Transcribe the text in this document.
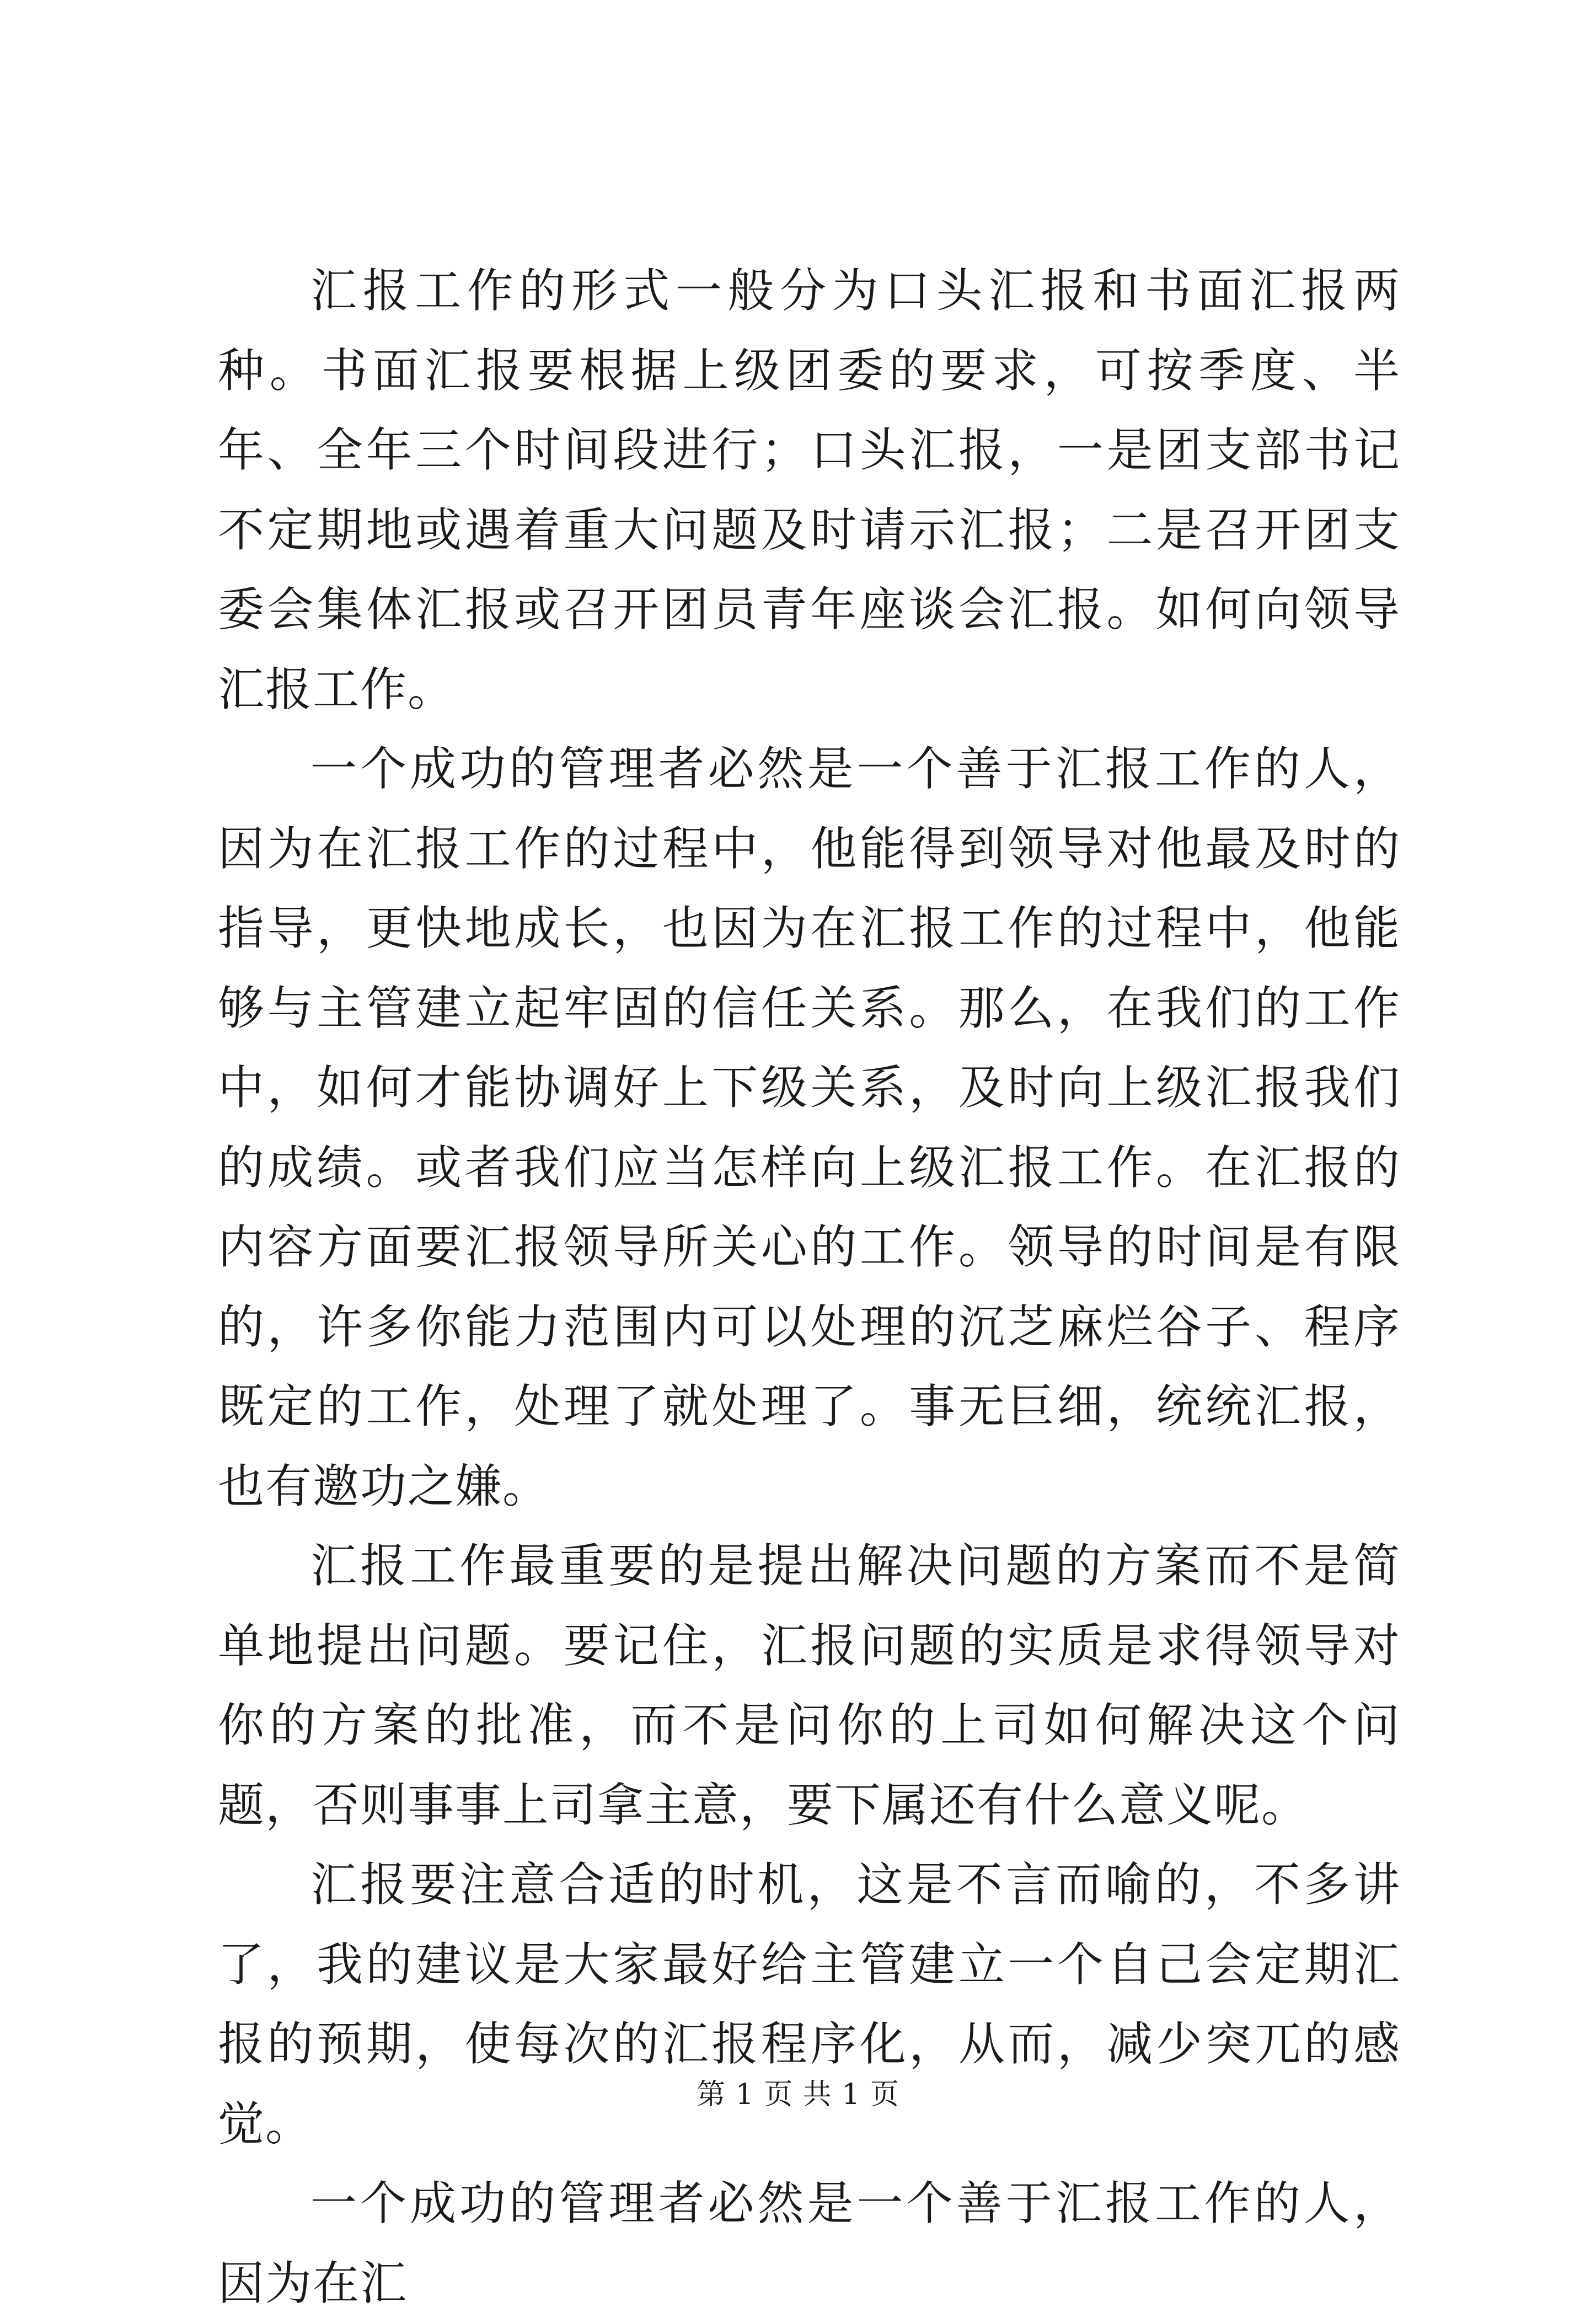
汇报工作的形式一般分为口头汇报和书面汇报两种。书面汇报要根据上级团委的要求，可按季度、半年、全年三个时间段进行；口头汇报，一是团支部书记不定期地或遇着重大问题及时请示汇报；二是召开团支委会集体汇报或召开团员青年座谈会汇报。如何向领导汇报工作。

一个成功的管理者必然是一个善于汇报工作的人，因为在汇报工作的过程中，他能得到领导对他最及时的指导，更快地成长，也因为在汇报工作的过程中，他能够与主管建立起牢固的信任关系。那么，在我们的工作中，如何才能协调好上下级关系，及时向上级汇报我们的成绩。或者我们应当怎样向上级汇报工作。在汇报的内容方面要汇报领导所关心的工作。领导的时间是有限的，许多你能力范围内可以处理的沉芝麻烂谷子、程序既定的工作，处理了就处理了。事无巨细，统统汇报，也有邀功之嫌。

汇报工作最重要的是提出解决问题的方案而不是简单地提出问题。要记住，汇报问题的实质是求得领导对你的方案的批准，而不是问你的上司如何解决这个问题，否则事事上司拿主意，要下属还有什么意义呢。

汇报要注意合适的时机，这是不言而喻的，不多讲了，我的建议是大家最好给主管建立一个自己会定期汇报的预期，使每次的汇报程序化，从而，减少突兀的感觉。

一个成功的管理者必然是一个善于汇报工作的人，因为在汇

第 1 页 共 1 页
